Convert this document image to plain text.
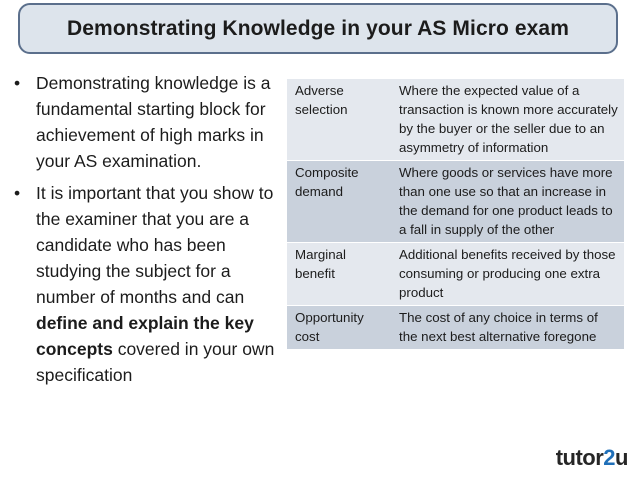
Demonstrating Knowledge in your AS Micro exam
• Demonstrating knowledge is a fundamental starting block for achievement of high marks in your AS examination.
• It is important that you show to the examiner that you are a candidate who has been studying the subject for a number of months and can define and explain the key concepts covered in your own specification
Adverse selection	Where the expected value of a transaction is known more accurately by the buyer or the seller due to an asymmetry of information
Composite demand	Where goods or services have more than one use so that an increase in the demand for one product leads to a fall in supply of the other
Marginal benefit	Additional benefits received by those consuming or producing one extra product
Opportunity cost	The cost of any choice in terms of the next best alternative foregone
tutor2u
